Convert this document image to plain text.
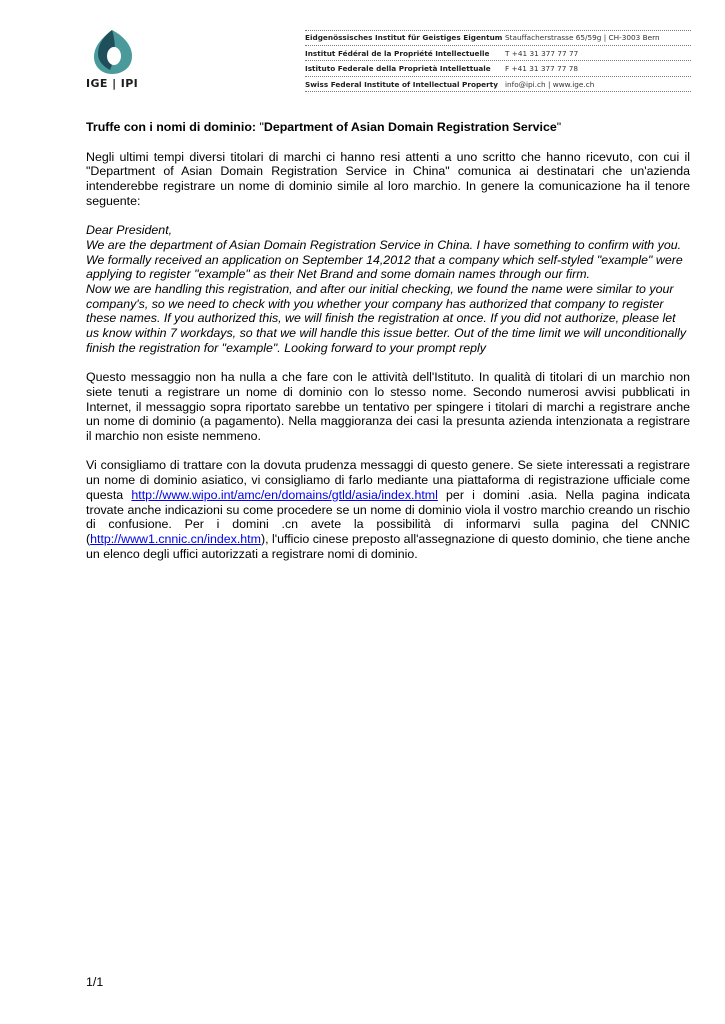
IGE | IPI
Eidgenössisches Institut für Geistiges Eigentum Stauffacherstrasse 65/59g | CH-3003 Bern
Institut Fédéral de la Propriété Intellectuelle	T +41 31 377 77 77
Istituto Federale della Proprietà Intellettuale	F +41 31 377 77 78
Swiss Federal Institute of Intellectual Property info@ipi.ch | www.ige.ch

Truffe con i nomi di dominio: "Department of Asian Domain Registration Service"

Negli ultimi tempi diversi titolari di marchi ci hanno resi attenti a uno scritto che hanno ricevuto, con cui il "Department of Asian Domain Registration Service in China" comunica ai destinatari che un'azienda intenderebbe registrare un nome di dominio simile al loro marchio. In genere la comunicazione ha il tenore seguente:

Dear President,
We are the department of Asian Domain Registration Service in China. I have something to confirm with you. We formally received an application on September 14,2012 that a company which self-styled "example" were applying to register "example" as their Net Brand and some domain names through our firm.
Now we are handling this registration, and after our initial checking, we found the name were similar to your company's, so we need to check with you whether your company has authorized that company to register these names. If you authorized this, we will finish the registration at once. If you did not authorize, please let us know within 7 workdays, so that we will handle this issue better. Out of the time limit we will unconditionally finish the registration for "example". Looking forward to your prompt reply

Questo messaggio non ha nulla a che fare con le attività dell'Istituto. In qualità di titolari di un marchio non siete tenuti a registrare un nome di dominio con lo stesso nome. Secondo numerosi avvisi pubblicati in Internet, il messaggio sopra riportato sarebbe un tentativo per spingere i titolari di marchi a registrare anche un nome di dominio (a pagamento). Nella maggioranza dei casi la presunta azienda intenzionata a registrare il marchio non esiste nemmeno.

Vi consigliamo di trattare con la dovuta prudenza messaggi di questo genere. Se siete interessati a registrare un nome di dominio asiatico, vi consigliamo di farlo mediante una piattaforma di registrazione ufficiale come questa http://www.wipo.int/amc/en/domains/gtld/asia/index.html per i domini .asia. Nella pagina indicata trovate anche indicazioni su come procedere se un nome di dominio viola il vostro marchio creando un rischio di confusione. Per i domini .cn avete la possibilità di informarvi sulla pagina del CNNIC (http://www1.cnnic.cn/index.htm), l'ufficio cinese preposto all'assegnazione di questo dominio, che tiene anche un elenco degli uffici autorizzati a registrare nomi di dominio.

1/1
